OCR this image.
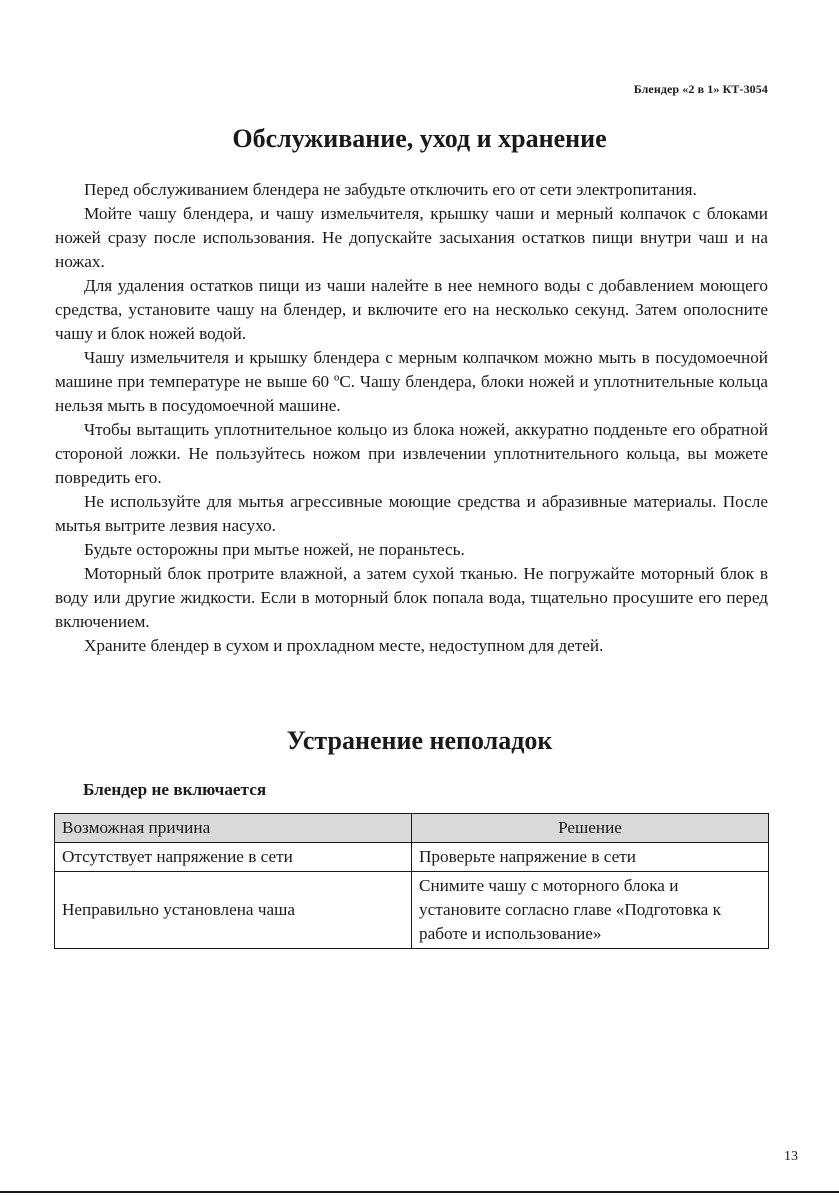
Блендер «2 в 1» КТ-3054
Обслуживание, уход и хранение

Перед обслуживанием блендера не забудьте отключить его от сети электропитания.

Мойте чашу блендера, и чашу измельчителя, крышку чаши и мерный колпачок с блоками ножей сразу после использования. Не допускайте засыхания остатков пищи внутри чаш и на ножах.

Для удаления остатков пищи из чаши налейте в нее немного воды с добавлением моющего средства, установите чашу на блендер, и включите его на несколько секунд. Затем ополосните чашу и блок ножей водой.

Чашу измельчителя и крышку блендера с мерным колпачком можно мыть в посудомоечной машине при температуре не выше 60 ºС. Чашу блендера, блоки ножей и уплотнительные кольца нельзя мыть в посудомоечной машине.

Чтобы вытащить уплотнительное кольцо из блока ножей, аккуратно подденьте его обратной стороной ложки. Не пользуйтесь ножом при извлечении уплотнительного кольца, вы можете повредить его.

Не используйте для мытья агрессивные моющие средства и абразивные материалы. После мытья вытрите лезвия насухо.

Будьте осторожны при мытье ножей, не пораньтесь.

Моторный блок протрите влажной, а затем сухой тканью. Не погружайте моторный блок в воду или другие жидкости. Если в моторный блок попала вода, тщательно просушите его перед включением.

Храните блендер в сухом и прохладном месте, недоступном для детей.

Устранение неполадок
Блендер не включается
Возможная причина	Решение
Отсутствует напряжение в сети	Проверьте напряжение в сети
Неправильно установлена чаша	Снимите чашу с моторного блока и установите согласно главе «Подготовка к работе и использование»
13
